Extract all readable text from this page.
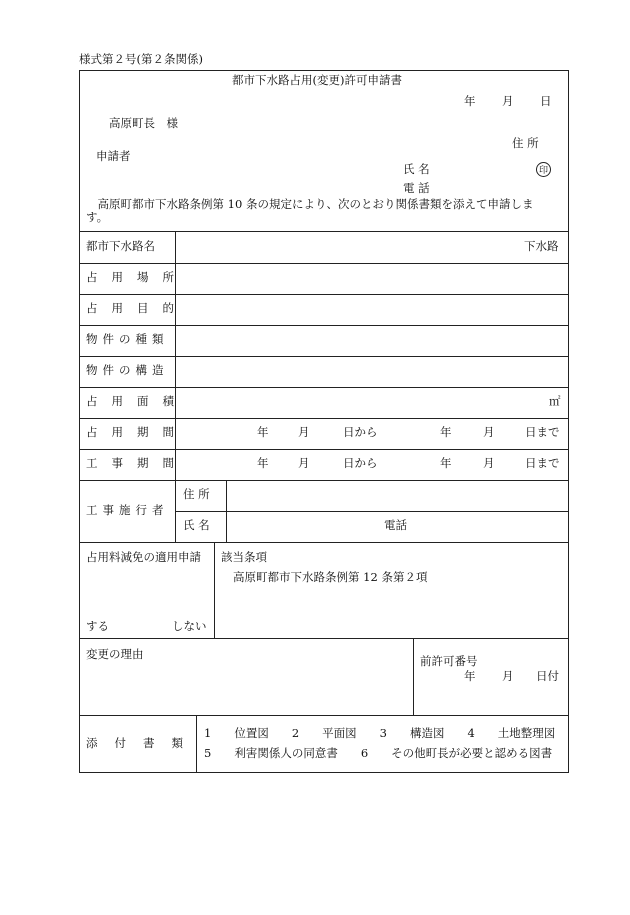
様式第２号(第２条関係)
都市下水路占用(変更)許可申請書
年 月 日
高原町長　様
住 所
申請者
氏 名	印
電 話
　高原町都市下水路条例第 10 条の規定により、次のとおり関係書類を添えて申請します。
都市下水路名	下水路
占用場所
占用目的
物件の種類
物件の構造
占用面積	㎡
占用期間	年	月	日から	年	月	日まで
工事期間	年	月	日から	年	月	日まで
工事施行者
住 所
氏 名	電話
占用料減免の適用申請
する	しない
該当条項
高原町都市下水路条例第 12 条第２項
変更の理由	前許可番号
年 月 日付
添付書類
1　　位置図　　2　　平面図　　3　　構造図　　4　　土地整理図
5　　利害関係人の同意書　　6　　その他町長が必要と認める図書
